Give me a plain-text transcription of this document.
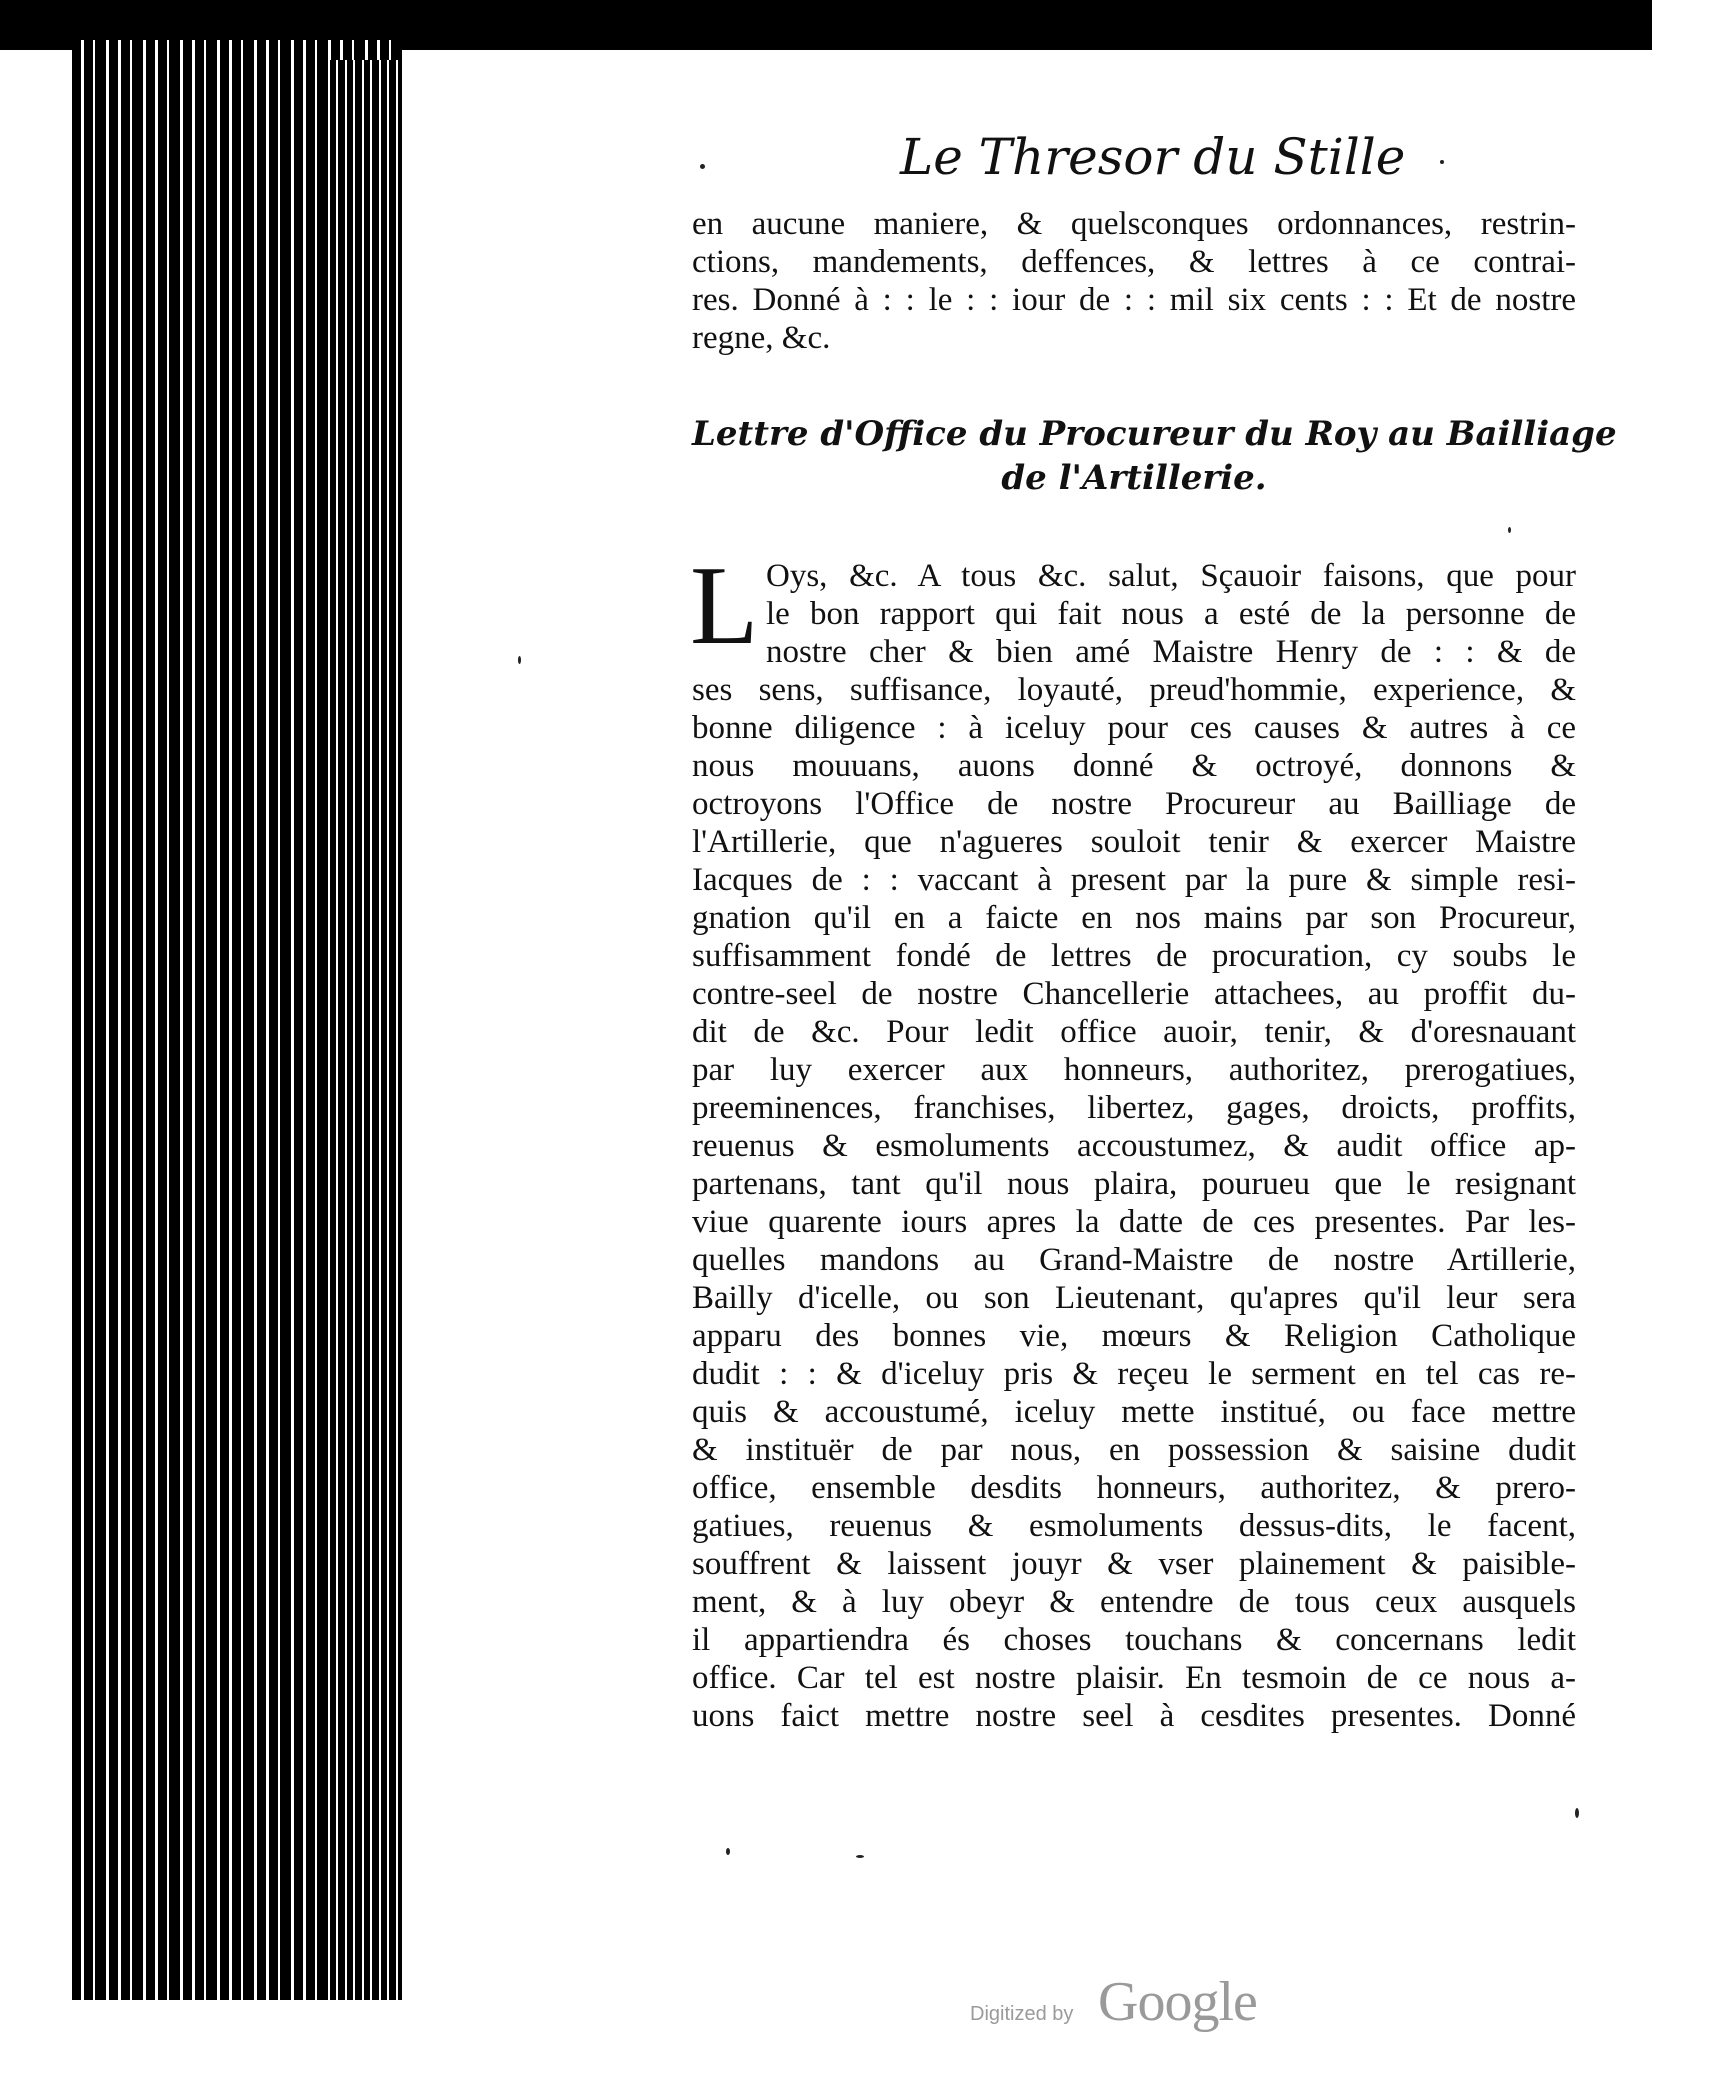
Le Thresor du Stille
en aucune maniere, & quelsconques ordonnances, restrin-
ctions, mandements, deffences, & lettres à ce contrai-
res. Donné à : : le : : iour de : : mil six cents : : Et de nostre
regne, &c.
Lettre d'Office du Procureur du Roy au Bailliage
de l'Artillerie.
L Oys, &c. A tous &c. salut, Sçauoir faisons, que pour
le bon rapport qui fait nous a esté de la personne de
nostre cher & bien amé Maistre Henry de : : & de
ses sens, suffisance, loyauté, preud'hommie, experience, &
bonne diligence : à iceluy pour ces causes & autres à ce
nous mouuans, auons donné & octroyé, donnons &
octroyons l'Office de nostre Procureur au Bailliage de
l'Artillerie, que n'agueres souloit tenir & exercer Maistre
Iacques de : : vaccant à present par la pure & simple resi-
gnation qu'il en a faicte en nos mains par son Procureur,
suffisamment fondé de lettres de procuration, cy soubs le
contre-seel de nostre Chancellerie attachees, au proffit du-
dit de &c. Pour ledit office auoir, tenir, & d'oresnauant
par luy exercer aux honneurs, authoritez, prerogatiues,
preeminences, franchises, libertez, gages, droicts, proffits,
reuenus & esmoluments accoustumez, & audit office ap-
partenans, tant qu'il nous plaira, pourueu que le resignant
viue quarente iours apres la datte de ces presentes. Par les-
quelles mandons au Grand-Maistre de nostre Artillerie,
Bailly d'icelle, ou son Lieutenant, qu'apres qu'il leur sera
apparu des bonnes vie, mœurs & Religion Catholique
dudit : : & d'iceluy pris & reçeu le serment en tel cas re-
quis & accoustumé, iceluy mette institué, ou face mettre
& instituër de par nous, en possession & saisine dudit
office, ensemble desdits honneurs, authoritez, & prero-
gatiues, reuenus & esmoluments dessus-dits, le facent,
souffrent & laissent jouyr & vser plainement & paisible-
ment, & à luy obeyr & entendre de tous ceux ausquels
il appartiendra és choses touchans & concernans ledit
office. Car tel est nostre plaisir. En tesmoin de ce nous a-
uons faict mettre nostre seel à cesdites presentes. Donné
Digitized by Google
